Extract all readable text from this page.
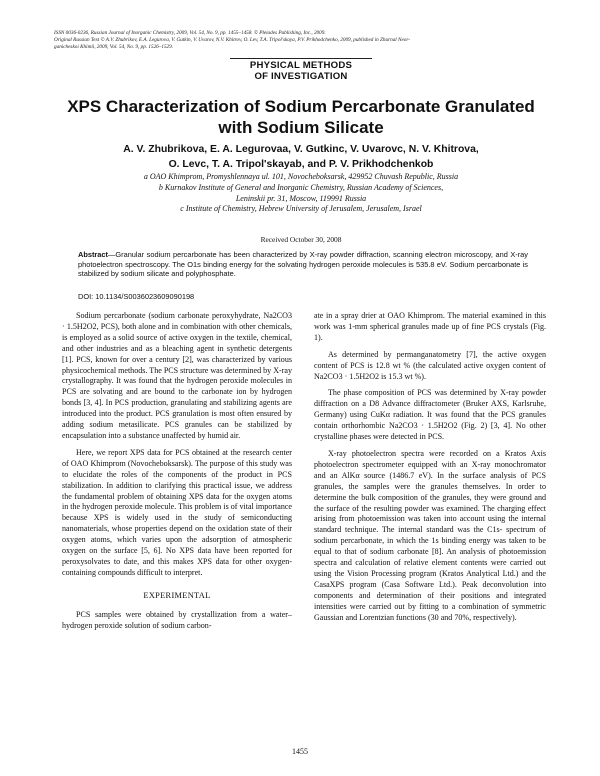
ISSN 0036-0236, Russian Journal of Inorganic Chemistry, 2009, Vol. 54, No. 9, pp. 1455–1458. © Pleiades Publishing, Inc., 2009.
Original Russian Text © A.V. Zhubrikov, E.A. Legurova, V. Gutkin, V. Uvarov, N.V. Khitrov, O. Lev, T.A. Tripol'skaya, P.V. Prikhodchenko, 2009, published in Zhurnal Neor-
ganicheskoi Khimii, 2009, Vol. 54, No. 9, pp. 1526–1529.
PHYSICAL METHODS
OF INVESTIGATION
XPS Characterization of Sodium Percarbonate Granulated
with Sodium Silicate
A. V. Zhubrikova, E. A. Legurovaa, V. Gutkinc, V. Uvarovc, N. V. Khitrova,
O. Levc, T. A. Tripol'skayab, and P. V. Prikhodchenkob
a OAO Khimprom, Promyshlennaya ul. 101, Novocheboksarsk, 429952 Chuvash Republic, Russia
b Kurnakov Institute of General and Inorganic Chemistry, Russian Academy of Sciences,
Leninskii pr. 31, Moscow, 119991 Russia
c Institute of Chemistry, Hebrew University of Jerusalem, Jerusalem, Israel
Received October 30, 2008
Abstract—Granular sodium percarbonate has been characterized by X-ray powder diffraction, scanning electron microscopy, and X-ray photoelectron spectroscopy. The O1s binding energy for the solvating hydrogen peroxide molecules is 535.8 eV. Sodium percarbonate is stabilized by sodium silicate and polyphosphate.
DOI: 10.1134/S0036023609090198

Sodium percarbonate (sodium carbonate peroxyhydrate, Na2CO3 · 1.5H2O2, PCS), both alone and in combination with other chemicals, is employed as a solid source of active oxygen in the textile, chemical, and other industries and as a bleaching agent in synthetic detergents [1]. PCS, known for over a century [2], was characterized by various physicochemical methods. The PCS structure was determined by X-ray crystallography. It was found that the hydrogen peroxide molecules in PCS are solvating and are bound to the carbonate ion by hydrogen bonds [3, 4]. In PCS production, granulating and stabilizing agents are introduced into the product. PCS granulation is most often ensured by adding sodium metasilicate. PCS granules can be stabilized by encapsulation into a substance unaffected by humid air.

Here, we report XPS data for PCS obtained at the research center of OAO Khimprom (Novocheboksarsk). The purpose of this study was to elucidate the roles of the components of the product in PCS stabilization. In addition to clarifying this practical issue, we address the fundamental problem of obtaining XPS data for the oxygen atoms in the hydrogen peroxide molecule. This problem is of vital importance because XPS is widely used in the study of semiconducting nanomaterials, whose properties depend on the oxidation state of their oxygen atoms, which varies upon the adsorption of atmospheric oxygen on the surface [5, 6]. No XPS data have been reported for peroxysolvates to date, and this makes XPS data for other oxygen-containing compounds difficult to interpret.

EXPERIMENTAL

PCS samples were obtained by crystallization from a water–hydrogen peroxide solution of sodium carbon-

ate in a spray drier at OAO Khimprom. The material examined in this work was 1-mm spherical granules made up of fine PCS crystals (Fig. 1).

As determined by permanganatometry [7], the active oxygen content of PCS is 12.8 wt % (the calculated active oxygen content of Na2CO3 · 1.5H2O2 is 15.3 wt %).

The phase composition of PCS was determined by X-ray powder diffraction on a D8 Advance diffractometer (Bruker AXS, Karlsruhe, Germany) using CuKα radiation. It was found that the PCS granules contain orthorhombic Na2CO3 · 1.5H2O2 (Fig. 2) [3, 4]. No other crystalline phases were detected in PCS.

X-ray photoelectron spectra were recorded on a Kratos Axis photoelectron spectrometer equipped with an X-ray monochromator and an AlKα source (1486.7 eV). In the surface analysis of PCS granules, the samples were the granules themselves. In order to determine the bulk composition of the granules, they were ground and the surface of the resulting powder was examined. The charging effect arising from photoemission was taken into account using the internal standard technique. The internal standard was the C1s- spectrum of sodium percarbonate, in which the 1s binding energy was taken to be equal to that of sodium carbonate [8]. An analysis of photoemission spectra and calculation of relative element contents were carried out using the Vision Processing program (Kratos Analytical Ltd.) and the CasaXPS program (Casa Software Ltd.). Peak deconvolution into components and determination of their positions and integrated intensities were carried out by fitting to a combination of symmetric Gaussian and Lorentzian functions (30 and 70%, respectively).

1455
